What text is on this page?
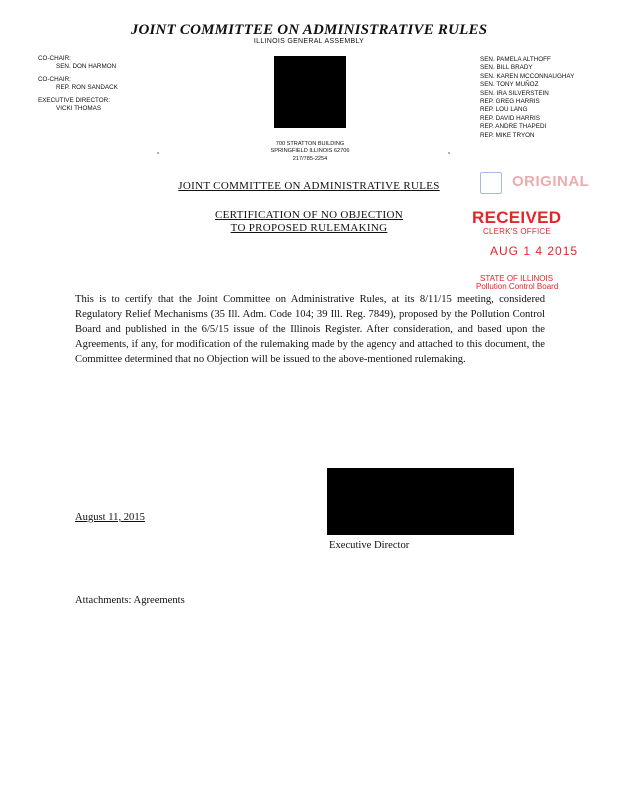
JOINT COMMITTEE ON ADMINISTRATIVE RULES
ILLINOIS GENERAL ASSEMBLY
CO-CHAIR:
SEN. DON HARMON
CO-CHAIR:
REP. RON SANDACK
EXECUTIVE DIRECTOR:
VICKI THOMAS
SEN. PAMELA ALTHOFF
SEN. BILL BRADY
SEN. KAREN MCCONNAUGHAY
SEN. TONY MUÑOZ
SEN. IRA SILVERSTEIN
REP. GREG HARRIS
REP. LOU LANG
REP. DAVID HARRIS
REP. ANDRE THAPEDI
REP. MIKE TRYON
700 STRATTON BUILDING
SPRINGFIELD ILLINOIS 62706
217/785-2254
JOINT COMMITTEE ON ADMINISTRATIVE RULES
CERTIFICATION OF NO OBJECTION
TO PROPOSED RULEMAKING
ORIGINAL
RECEIVED
CLERK'S OFFICE
AUG 1 4 2015
STATE OF ILLINOIS
Pollution Control Board
This is to certify that the Joint Committee on Administrative Rules, at its 8/11/15 meeting, considered Regulatory Relief Mechanisms (35 Ill. Adm. Code 104; 39 Ill. Reg. 7849), proposed by the Pollution Control Board and published in the 6/5/15 issue of the Illinois Register. After consideration, and based upon the Agreements, if any, for modification of the rulemaking made by the agency and attached to this document, the Committee determined that no Objection will be issued to the above-mentioned rulemaking.
August 11, 2015
Executive Director
Attachments: Agreements
